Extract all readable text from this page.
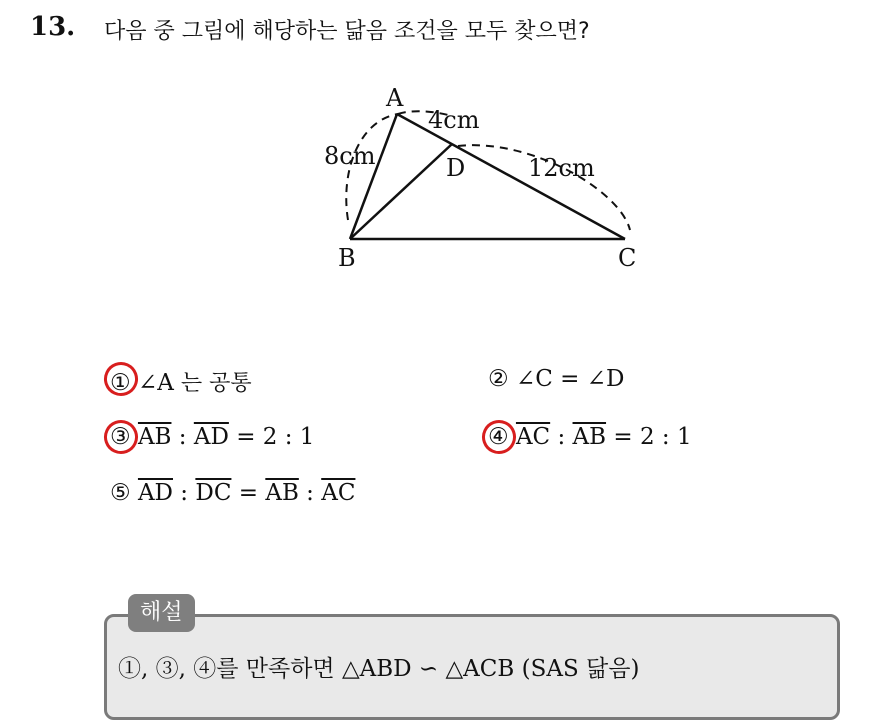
13. 다음 중 그림에 해당하는 닮음 조건을 모두 찾으면?
A
B	C
D
8cm
4cm
12cm
① ∠A 는 공통	② ∠C = ∠D
③ $\overline{AB}$ : $\overline{AD} = 2$ : 1	④ $\overline{AC}$ : $\overline{AB} = 2$ : 1
⑤ $\overline{AD}$ : $\overline{DC} = \overline{AB}$ : $\overline{AC}$
해설
①, ③, ④를 만족하면 △ABD ∽ △ACB (SAS 닮음)
